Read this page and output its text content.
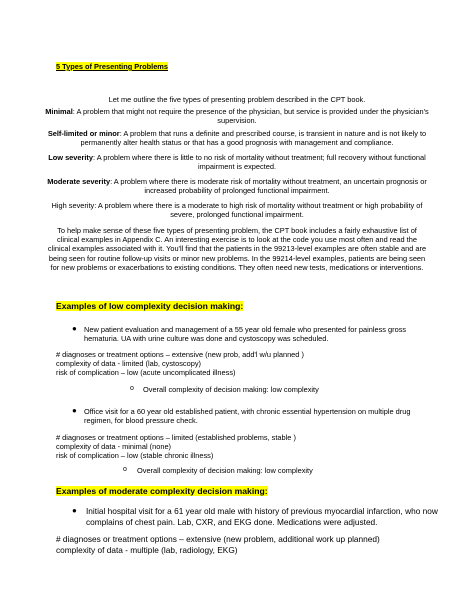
5 Types of Presenting Problems
Let me outline the five types of presenting problem described in the CPT book.
Minimal: A problem that might not require the presence of the physician, but service is provided under the physician's
supervision.
Self-limited or minor: A problem that runs a definite and prescribed course, is transient in nature and is not likely to
permanently alter health status or that has a good prognosis with management and compliance.
Low severity: A problem where there is little to no risk of mortality without treatment; full recovery without functional
impairment is expected.
Moderate severity: A problem where there is moderate risk of mortality without treatment, an uncertain prognosis or
increased probability of prolonged functional impairment.
High severity: A problem where there is a moderate to high risk of mortality without treatment or high probability of
severe, prolonged functional impairment.
To help make sense of these five types of presenting problem, the CPT book includes a fairly exhaustive list of
clinical examples in Appendix C. An interesting exercise is to look at the code you use most often and read the
clinical examples associated with it. You'll find that the patients in the 99213-level examples are often stable and are
being seen for routine follow-up visits or minor new problems. In the 99214-level examples, patients are being seen
for new problems or exacerbations to existing conditions. They often need new tests, medications or interventions.
Examples of low complexity decision making:
● New patient evaluation and management of a 55 year old female who presented for painless gross
hematuria. UA with urine culture was done and cystoscopy was scheduled.
# diagnoses or treatment options – extensive (new prob, add'l w/u planned )
complexity of data - limited (lab, cystoscopy)
risk of complication – low (acute uncomplicated illness)
o Overall complexity of decision making: low complexity
● Office visit for a 60 year old established patient, with chronic essential hypertension on multiple drug
regimen, for blood pressure check.
# diagnoses or treatment options – limited (established problems, stable )
complexity of data - minimal (none)
risk of complication – low (stable chronic illness)
o Overall complexity of decision making: low complexity
Examples of moderate complexity decision making:
● Initial hospital visit for a 61 year old male with history of previous myocardial infarction, who now
complains of chest pain. Lab, CXR, and EKG done. Medications were adjusted.
# diagnoses or treatment options – extensive (new problem, additional work up planned)
complexity of data - multiple (lab, radiology, EKG)
